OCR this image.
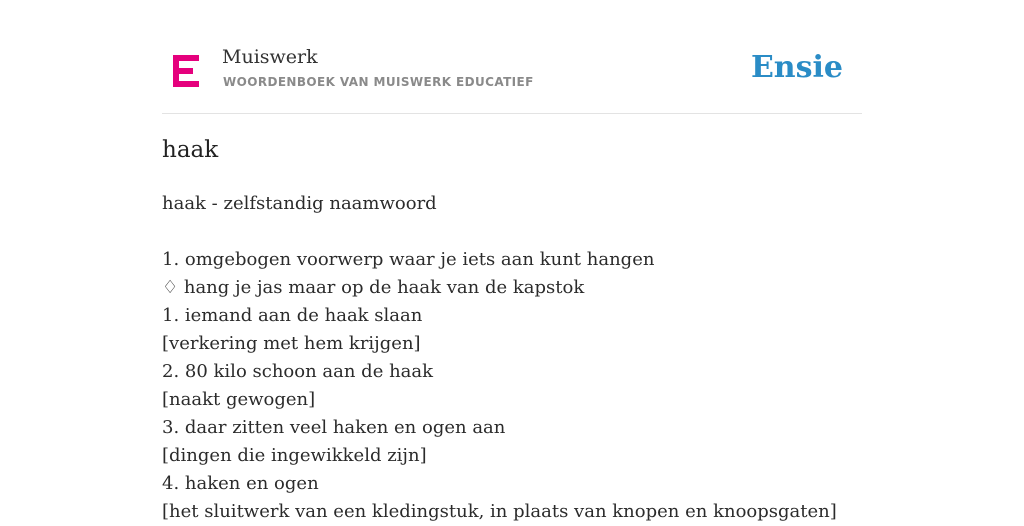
Muiswerk
WOORDENBOEK VAN MUISWERK EDUCATIEF	Ensie
haak
haak - zelfstandig naamwoord
1. omgebogen voorwerp waar je iets aan kunt hangen
♢ hang je jas maar op de haak van de kapstok
1. iemand aan de haak slaan
[verkering met hem krijgen]
2. 80 kilo schoon aan de haak
[naakt gewogen]
3. daar zitten veel haken en ogen aan
[dingen die ingewikkeld zijn]
4. haken en ogen
[het sluitwerk van een kledingstuk, in plaats van knopen en knoopsgaten]
